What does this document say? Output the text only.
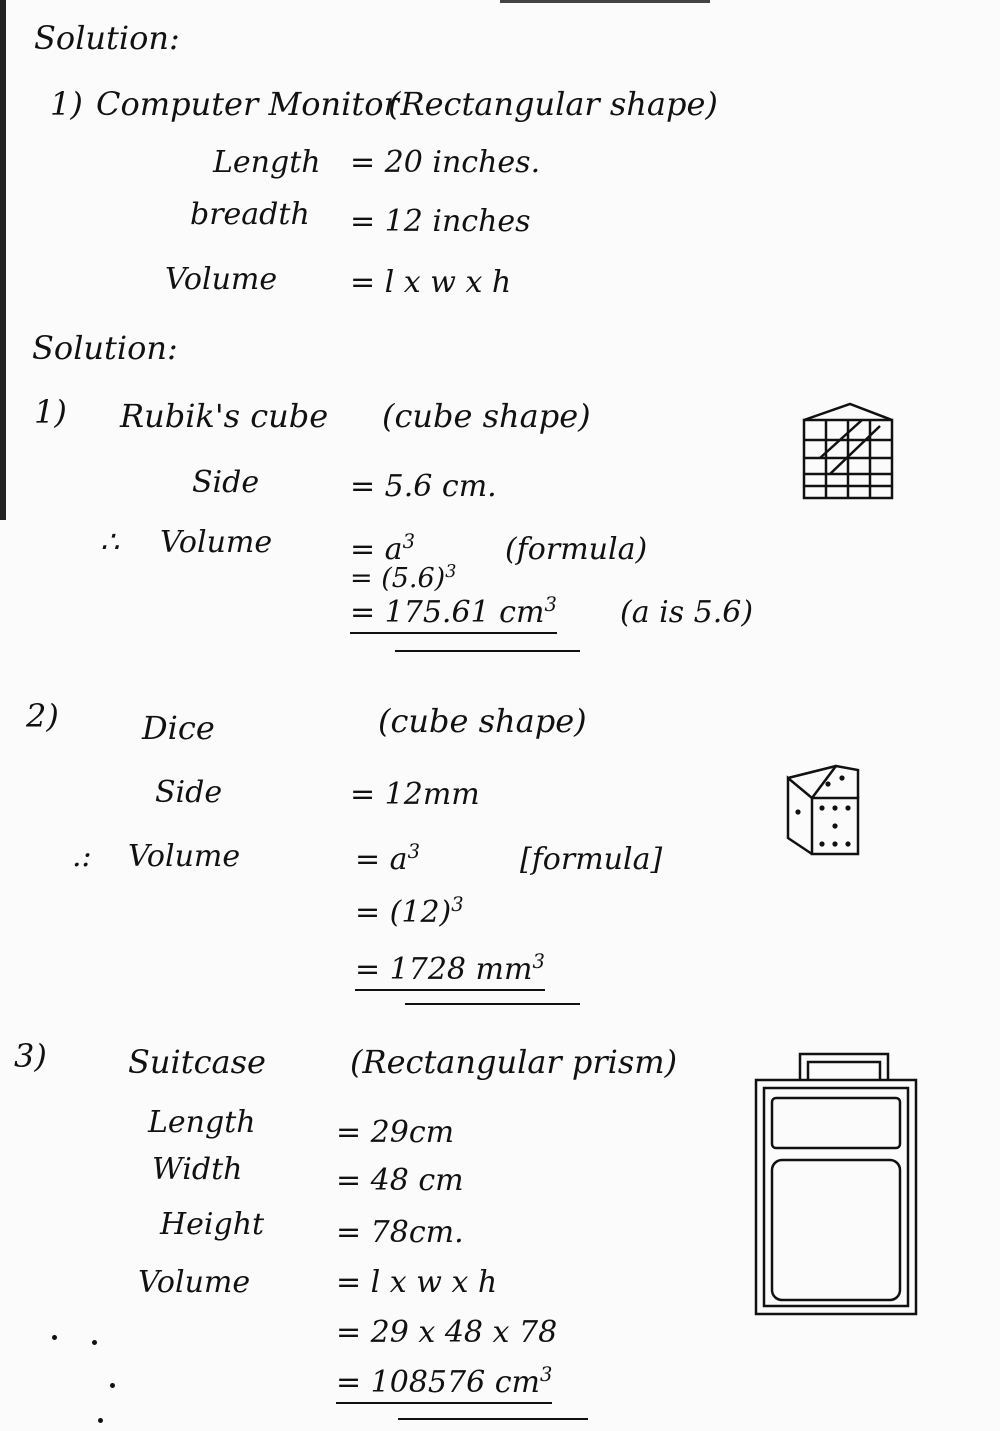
Solution:
1) Computer Monitor
(Rectangular shape)
Length = 20 inches.
breadth = 12 inches
Volume = l x w x h
Solution:
1) Rubik's cube (cube shape)
Side	= 5.6 cm.
∴ Volume	= $a^3$	(formula)
= $(5.6)^3$
= 175.61 $cm^3$ (a is 5.6)
2)	Dice	(cube shape)
Side	= 12mm
.: Volume	= $a^3$	[formula]
= $(12)^3$
= 1728 $mm^3$
3)	Suitcase	(Rectangular prism)
Length	= 29cm
Width	= 48 cm
Height = 78cm.
Volume	= l x w x h
= 29 x 48 x 78
= 108576 $cm^3$
